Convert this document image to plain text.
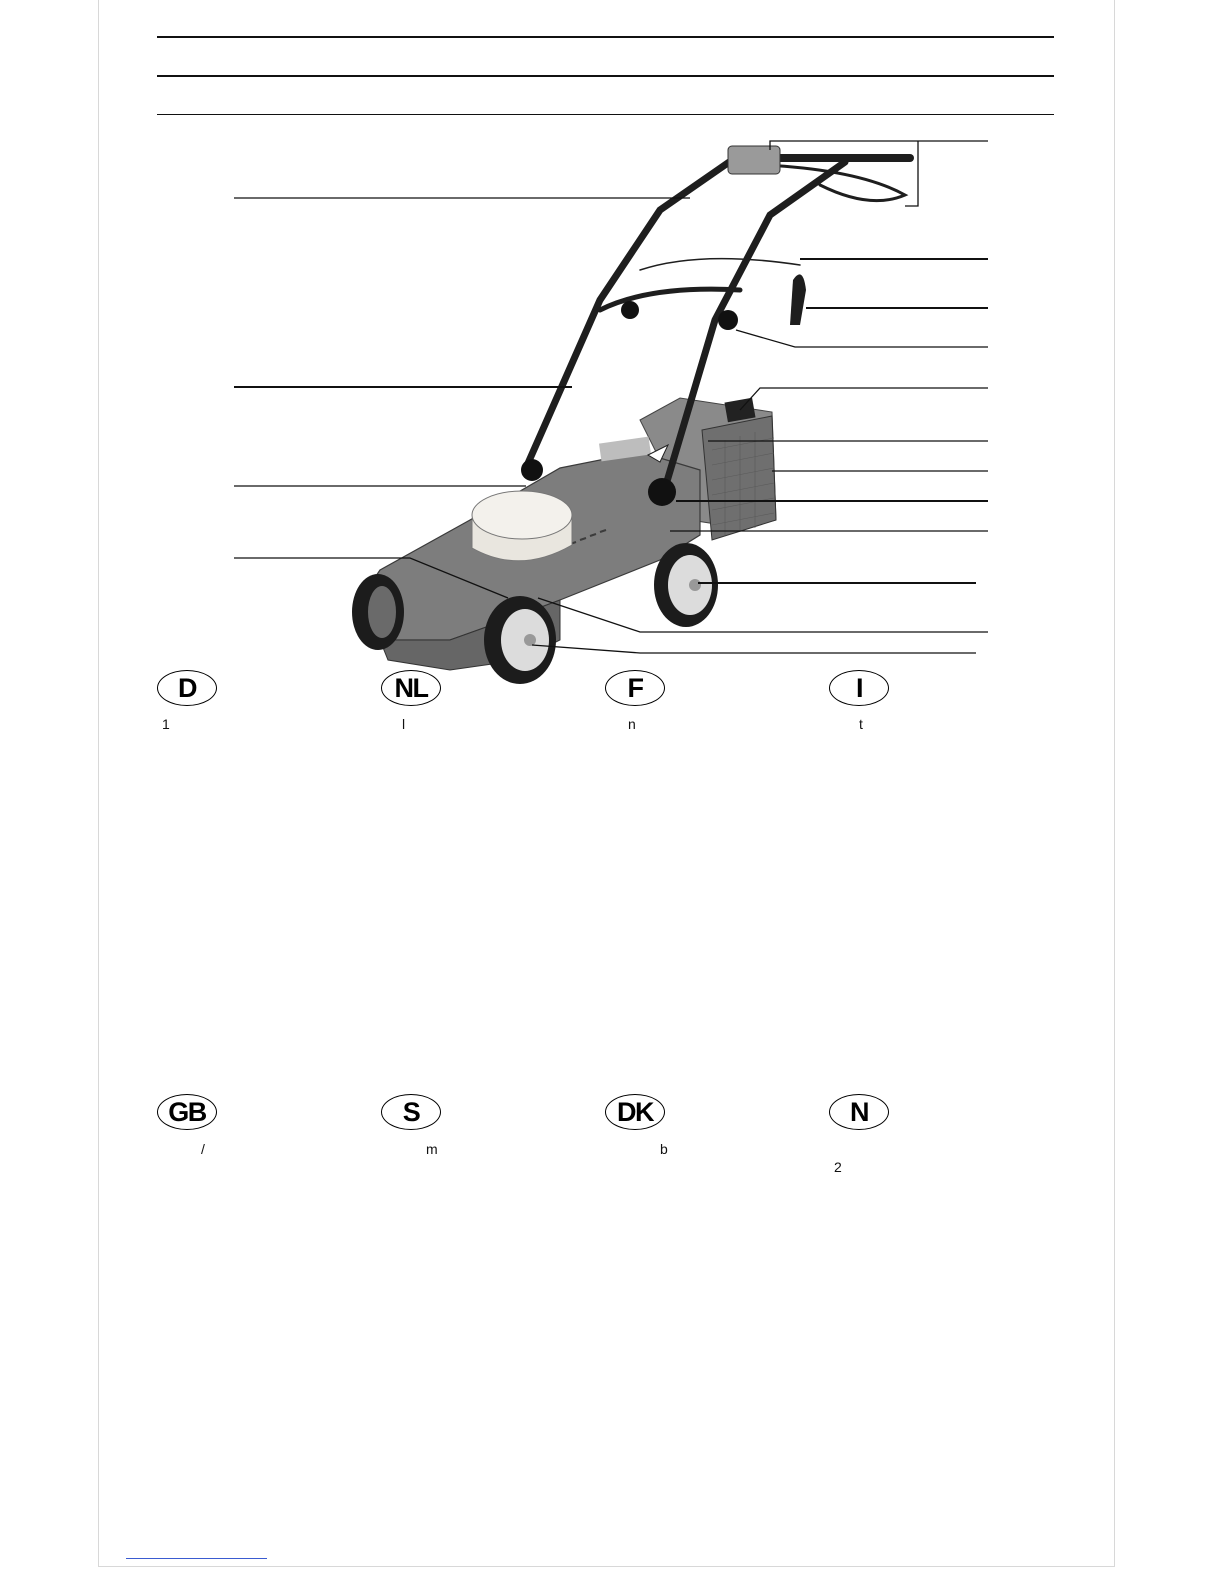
D	NL	F	I
1	l	n	t
GB	S	DK	N
/	m	b
2
